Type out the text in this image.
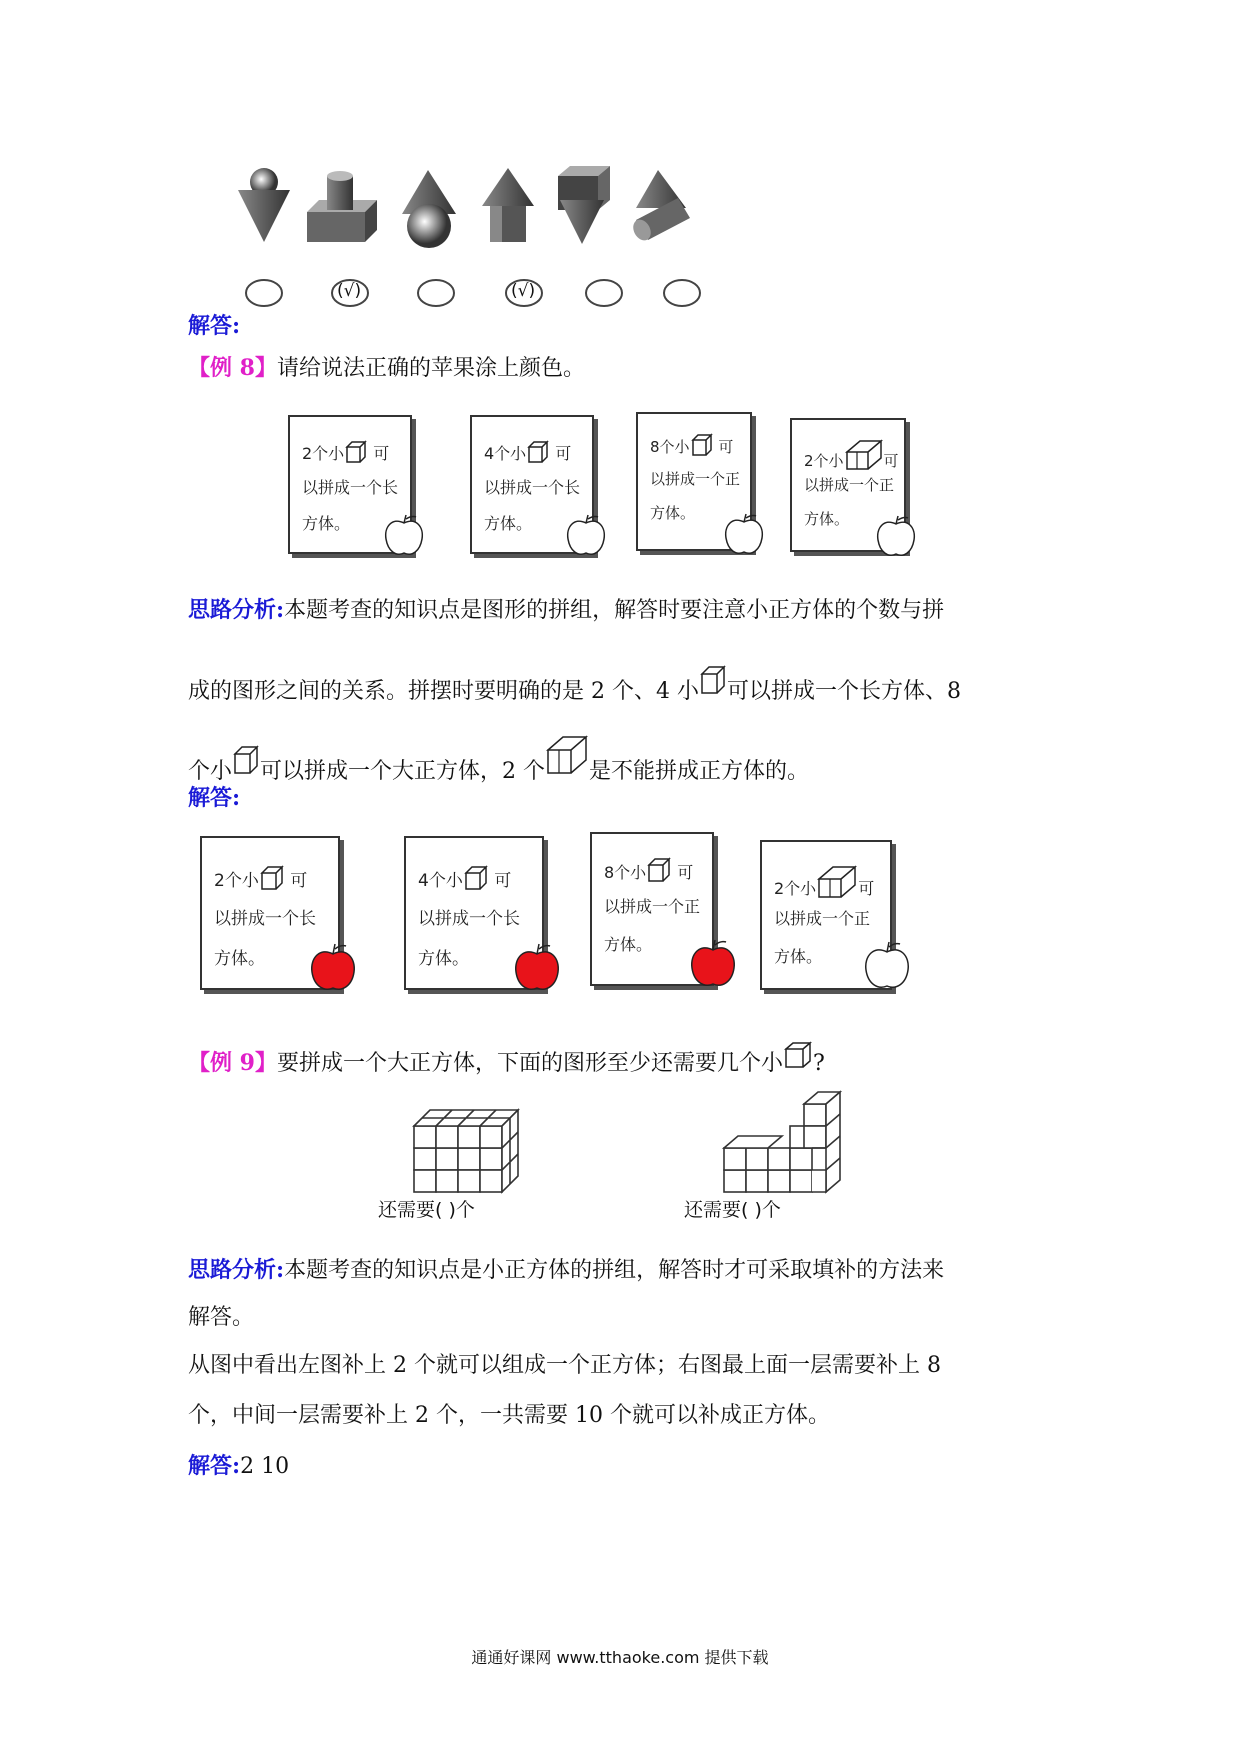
(√)	(√)
解答:
【例 8】请给说法正确的苹果涂上颜色。
2个小 可
以拼成一个长
方体。
4个小 可
以拼成一个长
方体。
8个小 可
以拼成一个正
方体。
2个小	可
以拼成一个正
方体。
思路分析:本题考查的知识点是图形的拼组，解答时要注意小正方体的个数与拼
成的图形之间的关系。拼摆时要明确的是 2 个、4 小 可以拼成一个长方体、8
个小 可以拼成一个大正方体，2 个 是不能拼成正方体的。
解答:
2个小 可
以拼成一个长
方体。
4个小 可
以拼成一个长
方体。
8个小 可
以拼成一个正
方体。
2个小	可
以拼成一个正
方体。
【例 9】要拼成一个大正方体，下面的图形至少还需要几个小 ?
还需要( )个	还需要( )个
思路分析:本题考查的知识点是小正方体的拼组，解答时才可采取填补的方法来
解答。
从图中看出左图补上 2 个就可以组成一个正方体；右图最上面一层需要补上 8
个，中间一层需要补上 2 个，一共需要 10 个就可以补成正方体。
解答:2 10
通通好课网 www.tthaoke.com 提供下载
